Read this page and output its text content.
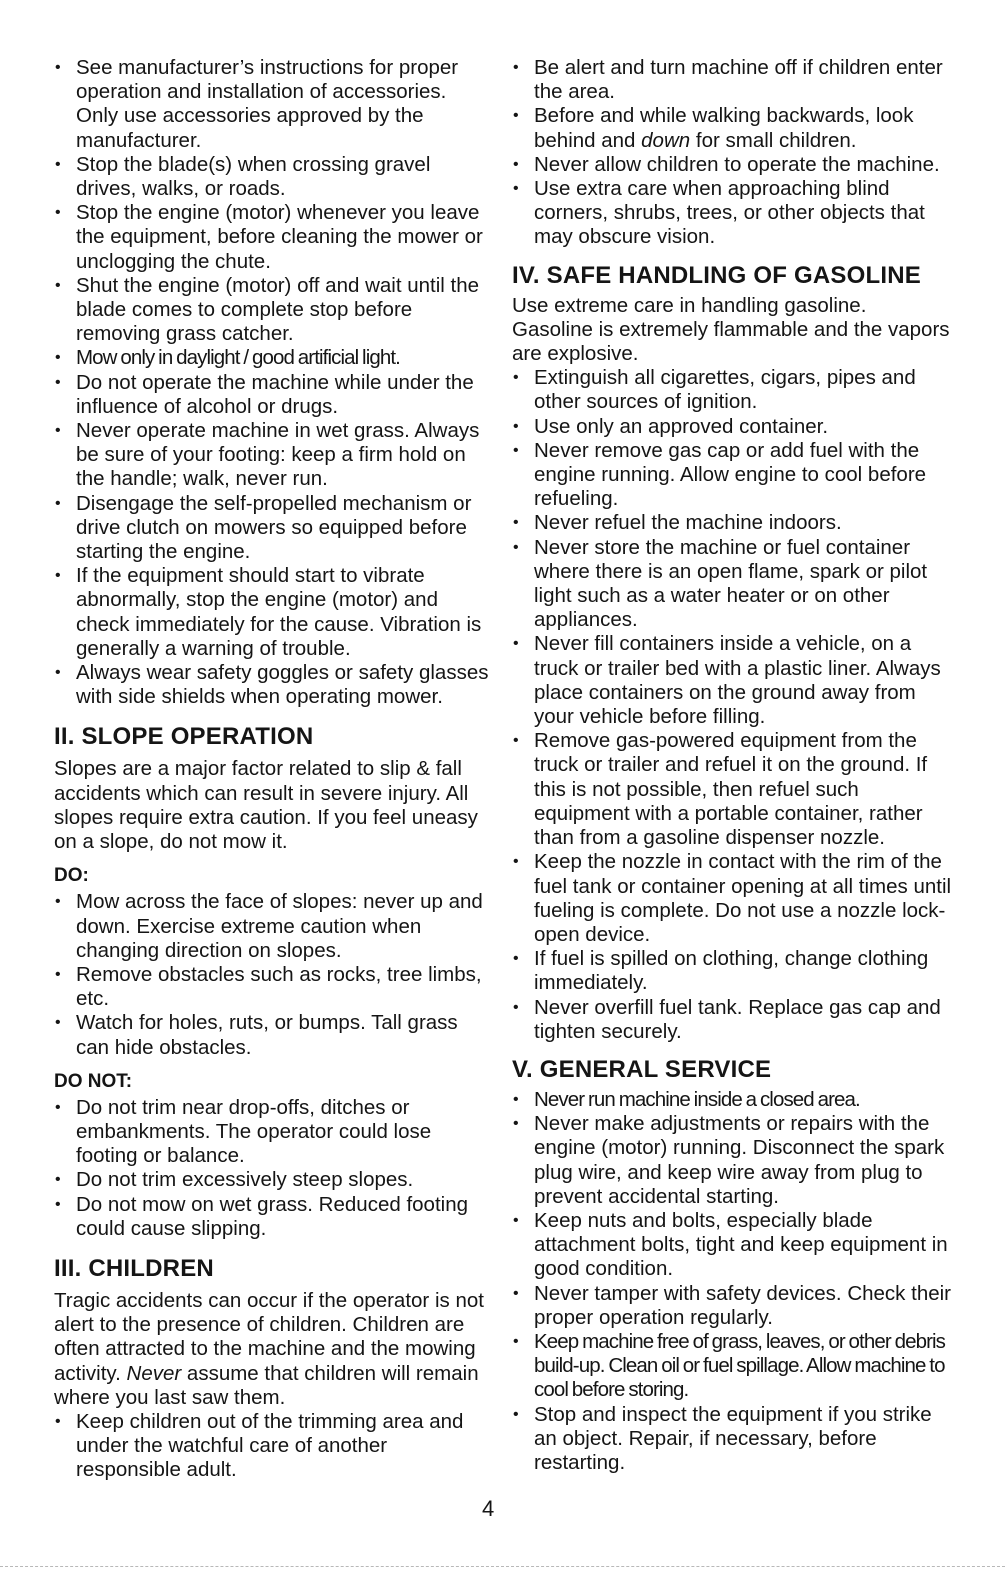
• See manufacturer’s instructions for proper operation and installation of accessories. Only use accessories approved by the manufacturer.
• Stop the blade(s) when crossing gravel drives, walks, or roads.
• Stop the engine (motor) whenever you leave the equipment, before cleaning the mower or unclogging the chute.
• Shut the engine (motor) off and wait until the blade comes to complete stop before removing grass catcher.
• Mow only in daylight / good artificial light.
• Do not operate the machine while under the influence of alcohol or drugs.
• Never operate machine in wet grass. Always be sure of your footing: keep a firm hold on the handle; walk, never run.
• Disengage the self-propelled mechanism or drive clutch on mowers so equipped before starting the engine.
• If the equipment should start to vibrate abnormally, stop the engine (motor) and check immediately for the cause. Vibration is generally a warning of trouble.
• Always wear safety goggles or safety glasses with side shields when operating mower.
II. SLOPE OPERATION

Slopes are a major factor related to slip & fall accidents which can result in severe injury. All slopes require extra caution. If you feel uneasy on a slope, do not mow it.

DO:
• Mow across the face of slopes: never up and down. Exercise extreme caution when changing direction on slopes.
• Remove obstacles such as rocks, tree limbs, etc.
• Watch for holes, ruts, or bumps. Tall grass can hide obstacles.
DO NOT:
• Do not trim near drop-offs, ditches or embankments. The operator could lose footing or balance.
• Do not trim excessively steep slopes.
• Do not mow on wet grass. Reduced footing could cause slipping.
III. CHILDREN

Tragic accidents can occur if the operator is not alert to the presence of children. Children are often attracted to the machine and the mowing activity. Never assume that children will remain where you last saw them.

• Keep children out of the trimming area and under the watchful care of another responsible adult.
• Be alert and turn machine off if children enter the area.
• Before and while walking backwards, look behind and down for small children.
• Never allow children to operate the machine.
• Use extra care when approaching blind corners, shrubs, trees, or other objects that may obscure vision.
IV. SAFE HANDLING OF GASOLINE

Use extreme care in handling gasoline. Gasoline is extremely flammable and the vapors are explosive.

• Extinguish all cigarettes, cigars, pipes and other sources of ignition.
• Use only an approved container.
• Never remove gas cap or add fuel with the engine running. Allow engine to cool before refueling.
• Never refuel the machine indoors.
• Never store the machine or fuel container where there is an open flame, spark or pilot light such as a water heater or on other appliances.
• Never fill containers inside a vehicle, on a truck or trailer bed with a plastic liner. Always place containers on the ground away from your vehicle before filling.
• Remove gas-powered equipment from the truck or trailer and refuel it on the ground. If this is not possible, then refuel such equipment with a portable container, rather than from a gasoline dispenser nozzle.
• Keep the nozzle in contact with the rim of the fuel tank or container opening at all times until fueling is complete. Do not use a nozzle lock-open device.
• If fuel is spilled on clothing, change clothing immediately.
• Never overfill fuel tank. Replace gas cap and tighten securely.
V. GENERAL SERVICE
• Never run machine inside a closed area.
• Never make adjustments or repairs with the engine (motor) running. Disconnect the spark plug wire, and keep wire away from plug to prevent accidental starting.
• Keep nuts and bolts, especially blade attachment bolts, tight and keep equipment in good condition.
• Never tamper with safety devices. Check their proper operation regularly.
• Keep machine free of grass, leaves, or other debris build-up. Clean oil or fuel spillage. Allow machine to cool before storing.
• Stop and inspect the equipment if you strike an object. Repair, if necessary, before restarting.
4
